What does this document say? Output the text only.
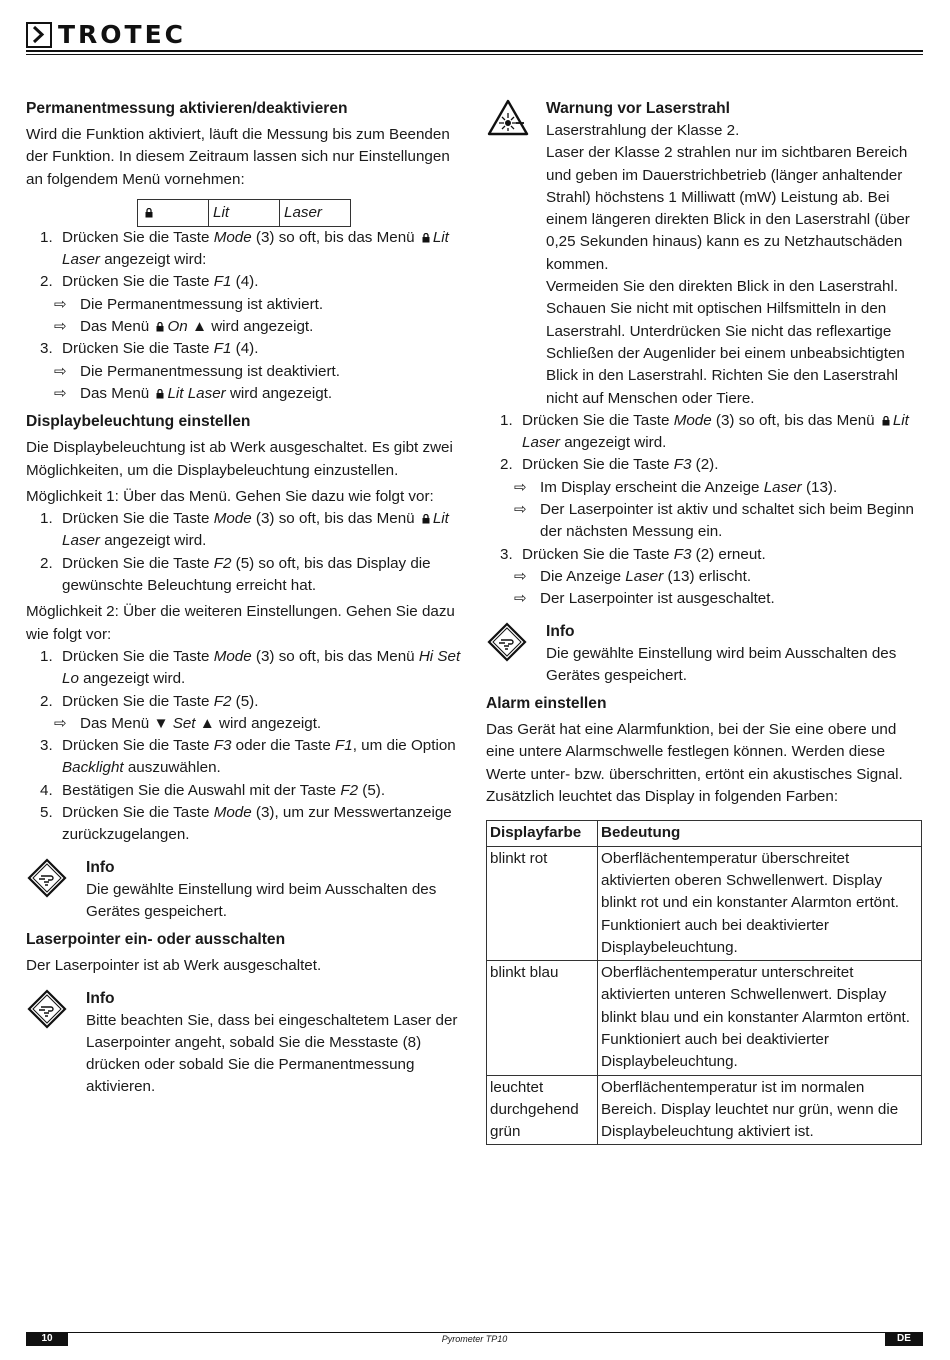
TROTEC
Permanentmessung aktivieren/deaktivieren

Wird die Funktion aktiviert, läuft die Messung bis zum Beenden der Funktion. In diesem Zeitraum lassen sich nur Einstellungen an folgendem Menü vornehmen:

Lit	Laser
1. Drücken Sie die Taste Mode (3) so oft, bis das Menü Lit Laser angezeigt wird:
2. Drücken Sie die Taste F1 (4).
⇨ Die Permanentmessung ist aktiviert.
⇨ Das Menü On ▲ wird angezeigt.
3. Drücken Sie die Taste F1 (4).
⇨ Die Permanentmessung ist deaktiviert.
⇨ Das Menü Lit Laser wird angezeigt.
Displaybeleuchtung einstellen

Die Displaybeleuchtung ist ab Werk ausgeschaltet. Es gibt zwei Möglichkeiten, um die Displaybeleuchtung einzustellen.

Möglichkeit 1: Über das Menü. Gehen Sie dazu wie folgt vor:

1. Drücken Sie die Taste Mode (3) so oft, bis das Menü Lit Laser angezeigt wird.
2. Drücken Sie die Taste F2 (5) so oft, bis das Display die gewünschte Beleuchtung erreicht hat.

Möglichkeit 2: Über die weiteren Einstellungen. Gehen Sie dazu wie folgt vor:

1. Drücken Sie die Taste Mode (3) so oft, bis das Menü Hi Set Lo angezeigt wird.
2. Drücken Sie die Taste F2 (5).
⇨ Das Menü ▼ Set ▲ wird angezeigt.
3. Drücken Sie die Taste F3 oder die Taste F1, um die Option Backlight auszuwählen.
4. Bestätigen Sie die Auswahl mit der Taste F2 (5).
5. Drücken Sie die Taste Mode (3), um zur Messwertanzeige zurückzugelangen.
Info

Die gewählte Einstellung wird beim Ausschalten des Gerätes gespeichert.

Laserpointer ein- oder ausschalten

Der Laserpointer ist ab Werk ausgeschaltet.

Info

Bitte beachten Sie, dass bei eingeschaltetem Laser der Laserpointer angeht, sobald Sie die Messtaste (8) drücken oder sobald Sie die Permanentmessung aktivieren.

Warnung vor Laserstrahl

Laserstrahlung der Klasse 2.

Laser der Klasse 2 strahlen nur im sichtbaren Bereich und geben im Dauerstrichbetrieb (länger anhaltender Strahl) höchstens 1 Milliwatt (mW) Leistung ab. Bei einem längeren direkten Blick in den Laserstrahl (über 0,25 Sekunden hinaus) kann es zu Netzhautschäden kommen.

Vermeiden Sie den direkten Blick in den Laserstrahl. Schauen Sie nicht mit optischen Hilfsmitteln in den Laserstrahl. Unterdrücken Sie nicht das reflexartige Schließen der Augenlider bei einem unbeabsichtigten Blick in den Laserstrahl. Richten Sie den Laserstrahl nicht auf Menschen oder Tiere.

1. Drücken Sie die Taste Mode (3) so oft, bis das Menü Lit Laser angezeigt wird.
2. Drücken Sie die Taste F3 (2).
⇨ Im Display erscheint die Anzeige Laser (13).
⇨ Der Laserpointer ist aktiv und schaltet sich beim Beginn der nächsten Messung ein.
3. Drücken Sie die Taste F3 (2) erneut.
⇨ Die Anzeige Laser (13) erlischt.
⇨ Der Laserpointer ist ausgeschaltet.
Info

Die gewählte Einstellung wird beim Ausschalten des Gerätes gespeichert.

Alarm einstellen

Das Gerät hat eine Alarmfunktion, bei der Sie eine obere und eine untere Alarmschwelle festlegen können. Werden diese Werte unter- bzw. überschritten, ertönt ein akustisches Signal. Zusätzlich leuchtet das Display in folgenden Farben:

Displayfarbe	Bedeutung
blinkt rot	Oberflächentemperatur überschreitet aktivierten oberen Schwellenwert. Display blinkt rot und ein konstanter Alarmton ertönt. Funktioniert auch bei deaktivierter Displaybeleuchtung.
blinkt blau	Oberflächentemperatur unterschreitet aktivierten unteren Schwellenwert. Display blinkt blau und ein konstanter Alarmton ertönt. Funktioniert auch bei deaktivierter Displaybeleuchtung.
leuchtet durchgehend grün	Oberflächentemperatur ist im normalen Bereich. Display leuchtet nur grün, wenn die Displaybeleuchtung aktiviert ist.
Pyrometer TP10
10	DE
